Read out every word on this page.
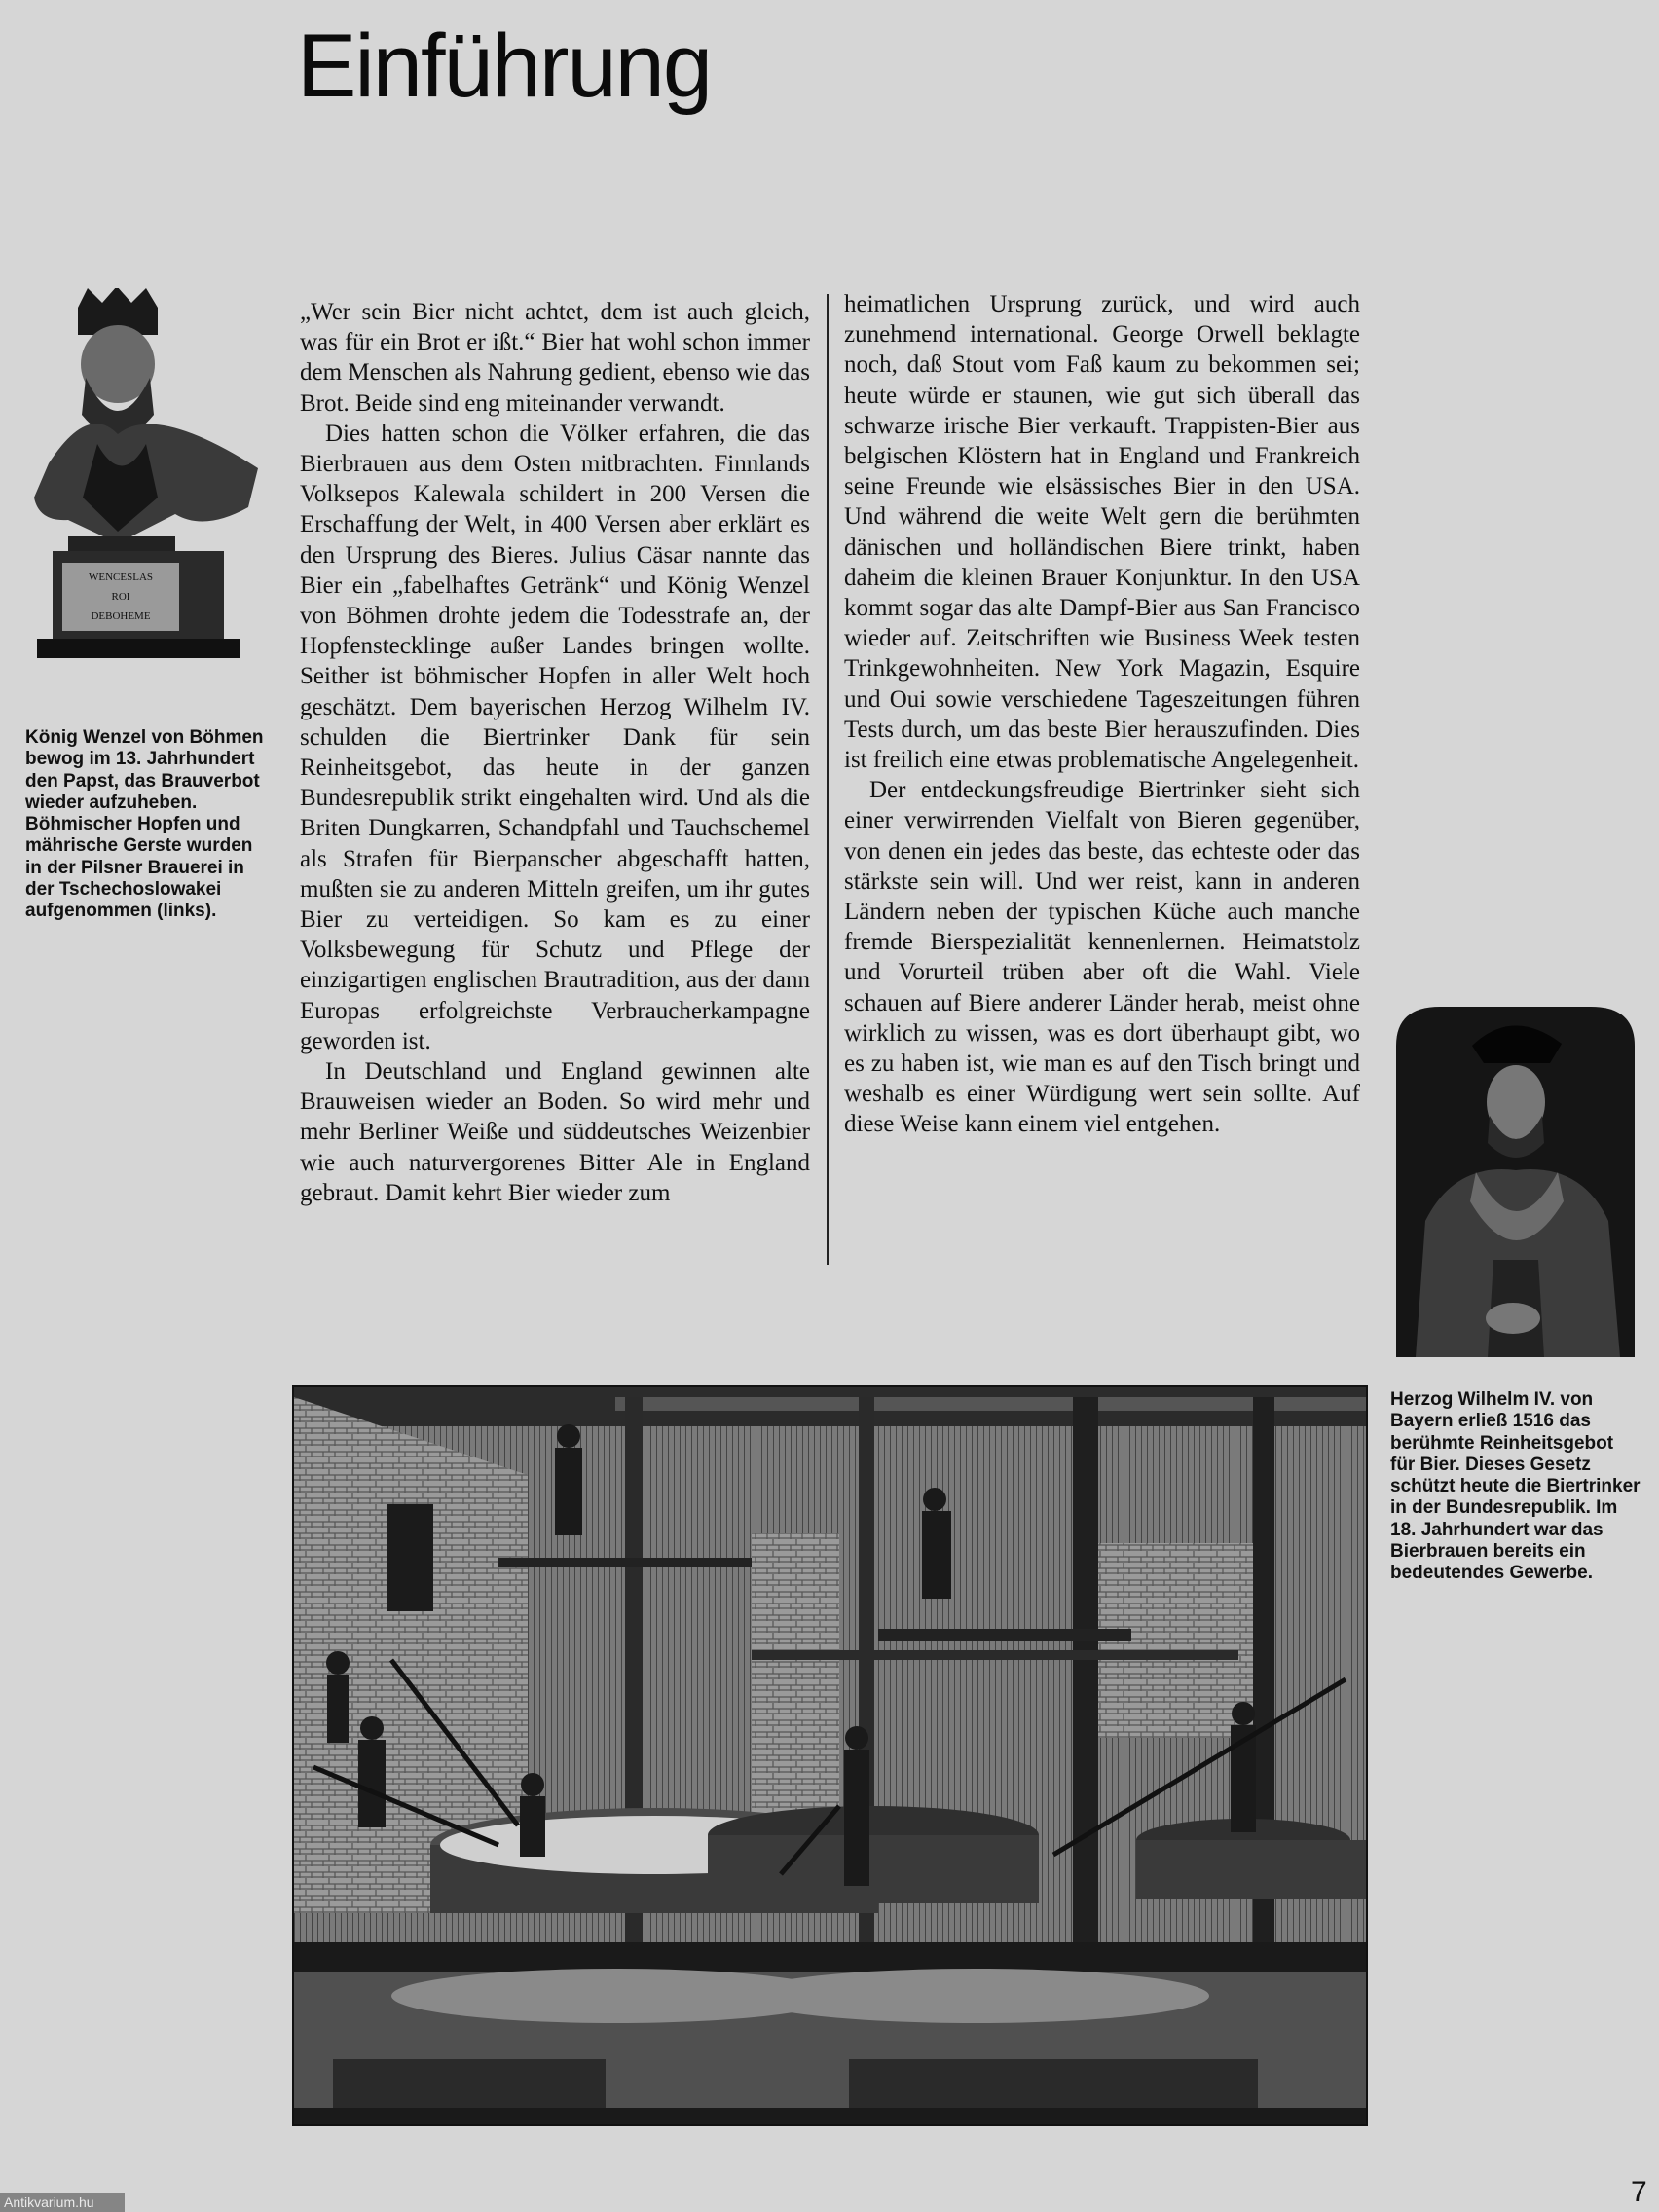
Einführung
WENCESLAS
ROI
DEBOHEME
König Wenzel von Böhmen bewog im 13. Jahrhundert den Papst, das Brauverbot wieder aufzuheben. Böhmischer Hopfen und mährische Gerste wurden in der Pilsner Brauerei in der Tschechoslowakei aufgenommen (links).

„Wer sein Bier nicht achtet, dem ist auch gleich, was für ein Brot er ißt.“ Bier hat wohl schon immer dem Menschen als Nahrung gedient, ebenso wie das Brot. Beide sind eng miteinander verwandt.

Dies hatten schon die Völker erfahren, die das Bierbrauen aus dem Osten mitbrachten. Finnlands Volksepos Kalewala schildert in 200 Versen die Erschaffung der Welt, in 400 Versen aber erklärt es den Ursprung des Bieres. Julius Cäsar nannte das Bier ein „fabelhaftes Getränk“ und König Wenzel von Böhmen drohte jedem die Todesstrafe an, der Hopfenstecklinge außer Landes bringen wollte. Seither ist böhmischer Hopfen in aller Welt hoch geschätzt. Dem bayerischen Herzog Wilhelm IV. schulden die Biertrinker Dank für sein Reinheitsgebot, das heute in der ganzen Bundesrepublik strikt eingehalten wird. Und als die Briten Dungkarren, Schandpfahl und Tauchschemel als Strafen für Bierpanscher abgeschafft hatten, mußten sie zu anderen Mitteln greifen, um ihr gutes Bier zu verteidigen. So kam es zu einer Volksbewegung für Schutz und Pflege der einzigartigen englischen Brautradition, aus der dann Europas erfolgreichste Verbraucherkampagne geworden ist.

In Deutschland und England gewinnen alte Brauweisen wieder an Boden. So wird mehr und mehr Berliner Weiße und süddeutsches Weizenbier wie auch naturvergorenes Bitter Ale in England gebraut. Damit kehrt Bier wieder zum

heimatlichen Ursprung zurück, und wird auch zunehmend international. George Orwell beklagte noch, daß Stout vom Faß kaum zu bekommen sei; heute würde er staunen, wie gut sich überall das schwarze irische Bier verkauft. Trappisten-Bier aus belgischen Klöstern hat in England und Frankreich seine Freunde wie elsässisches Bier in den USA. Und während die weite Welt gern die berühmten dänischen und holländischen Biere trinkt, haben daheim die kleinen Brauer Konjunktur. In den USA kommt sogar das alte Dampf-Bier aus San Francisco wieder auf. Zeitschriften wie Business Week testen Trinkgewohnheiten. New York Magazin, Esquire und Oui sowie verschiedene Tageszeitungen führen Tests durch, um das beste Bier herauszufinden. Dies ist freilich eine etwas problematische Angelegenheit.

Der entdeckungsfreudige Biertrinker sieht sich einer verwirrenden Vielfalt von Bieren gegenüber, von denen ein jedes das beste, das echteste oder das stärkste sein will. Und wer reist, kann in anderen Ländern neben der typischen Küche auch manche fremde Bierspezialität kennenlernen. Heimatstolz und Vorurteil trüben aber oft die Wahl. Viele schauen auf Biere anderer Länder herab, meist ohne wirklich zu wissen, was es dort überhaupt gibt, wo es zu haben ist, wie man es auf den Tisch bringt und weshalb es einer Würdigung wert sein sollte. Auf diese Weise kann einem viel entgehen.

Herzog Wilhelm IV. von Bayern erließ 1516 das berühmte Reinheitsgebot für Bier. Dieses Gesetz schützt heute die Biertrinker in der Bundesrepublik. Im 18. Jahrhundert war das Bierbrauen bereits ein bedeutendes Gewerbe.
7
Antikvarium.hu
